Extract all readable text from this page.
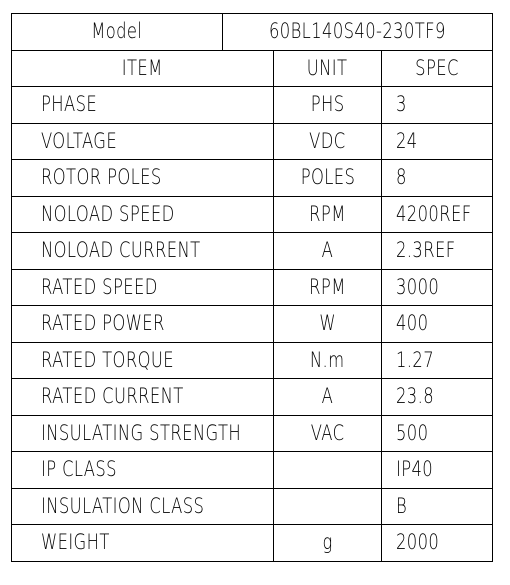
Model	60BL140S40-230TF9		
ITEM		UNIT	SPEC
PHASE		PHS	3
VOLTAGE		VDC	24
ROTOR POLES		POLES	8
NOLOAD SPEED		RPM	4200REF
NOLOAD CURRENT		A	2.3REF
RATED SPEED		RPM	3000
RATED POWER		W	400
RATED TORQUE		N.m	1.27
RATED CURRENT		A	23.8
INSULATING STRENGTH		VAC	500
IP CLASS			IP40
INSULATION CLASS			B
WEIGHT		g	2000
